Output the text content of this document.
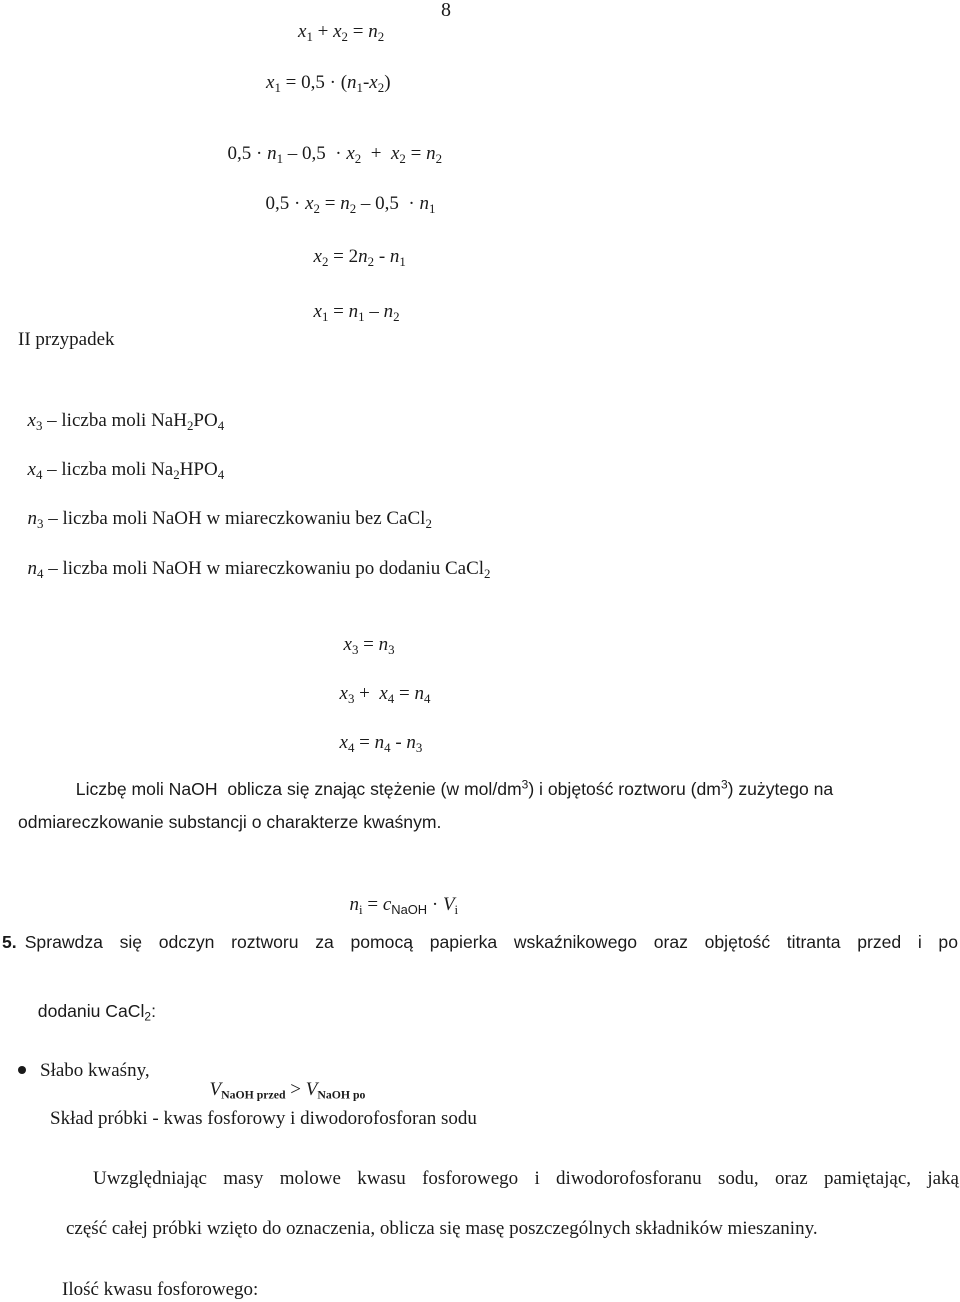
8
$x_1 + x_2 = n_2$
$x_1 = 0,5 \cdot (n_1-x_2)$

$0,5 \cdot n_1 - 0,5 \cdot x_2 + x_2 = n_2$

$0,5 \cdot x_2 = n_2 - 0,5 \cdot n_1$

$x_2 = 2n_2 - n_1$

$x_1 = n_1 - n_2$

II przypadek

$x_3$ – liczba moli $NaH_2PO_4$

$x_4$ – liczba moli $Na_2HPO_4$

$n_3$ – liczba moli NaOH w miareczkowaniu bez CaCl$_2$

$n_4$ – liczba moli NaOH w miareczkowaniu po dodaniu CaCl$_2$

$x_3 = n_3$

$x_3 + x_4 = n_4$

$x_4 = n_4 - n_3$

Liczbę moli NaOH  oblicza się znając stężenie (w mol/$dm^3$) i objętość roztworu $(dm^3)$ zużytego na

odmiareczkowanie substancji o charakterze kwaśnym.

$n_i = c_{NaOH} \cdot V_i$

5. Sprawdza się odczyn roztworu za pomocą papierka wskaźnikowego oraz objętość titranta przed i po

dodaniu CaCl$_2$:

Słabo kwaśny,

$V_{NaOH przed} > V_{NaOH po}$

Skład próbki - kwas fosforowy i diwodorofosforan sodu
Uwzględniając masy molowe kwasu fosforowego i diwodorofosforanu sodu, oraz pamiętając, jaką
część całej próbki wzięto do oznaczenia, oblicza się masę poszczególnych składników mieszaniny.
Ilość kwasu fosforowego:
